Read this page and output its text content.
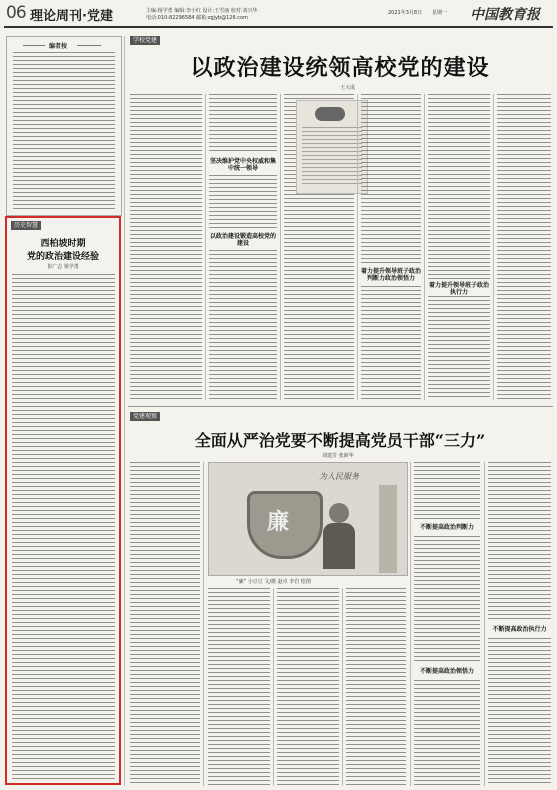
06 理论周刊·党建	主编:杨学勇 编辑:李小红 设计:王雪丽 校对:刘兴华
电话:010-82296584 邮箱:zgjyb@126.com
2021年3月8日 星期一 中国教育报
编者按
历史智慧
西柏坡时期
党的政治建设经验
崔广志 梁学勇
学校党建
以政治建设统领高校党的建设
王大成
坚决维护党中央权威和集中统一领导
以政治建设锻造高校党的建设
着力提升领导班子政治判断力政治领悟力
着力提升领导班子政治执行力
党建观察
全面从严治党要不断提高党员干部“三力”
刘建芳 张新华
为人民服务
廉
“廉” 小豆豆 文/摄 赵卓 李岩 绘图
不断提高政治判断力
不断提高政治领悟力
不断提高政治执行力
